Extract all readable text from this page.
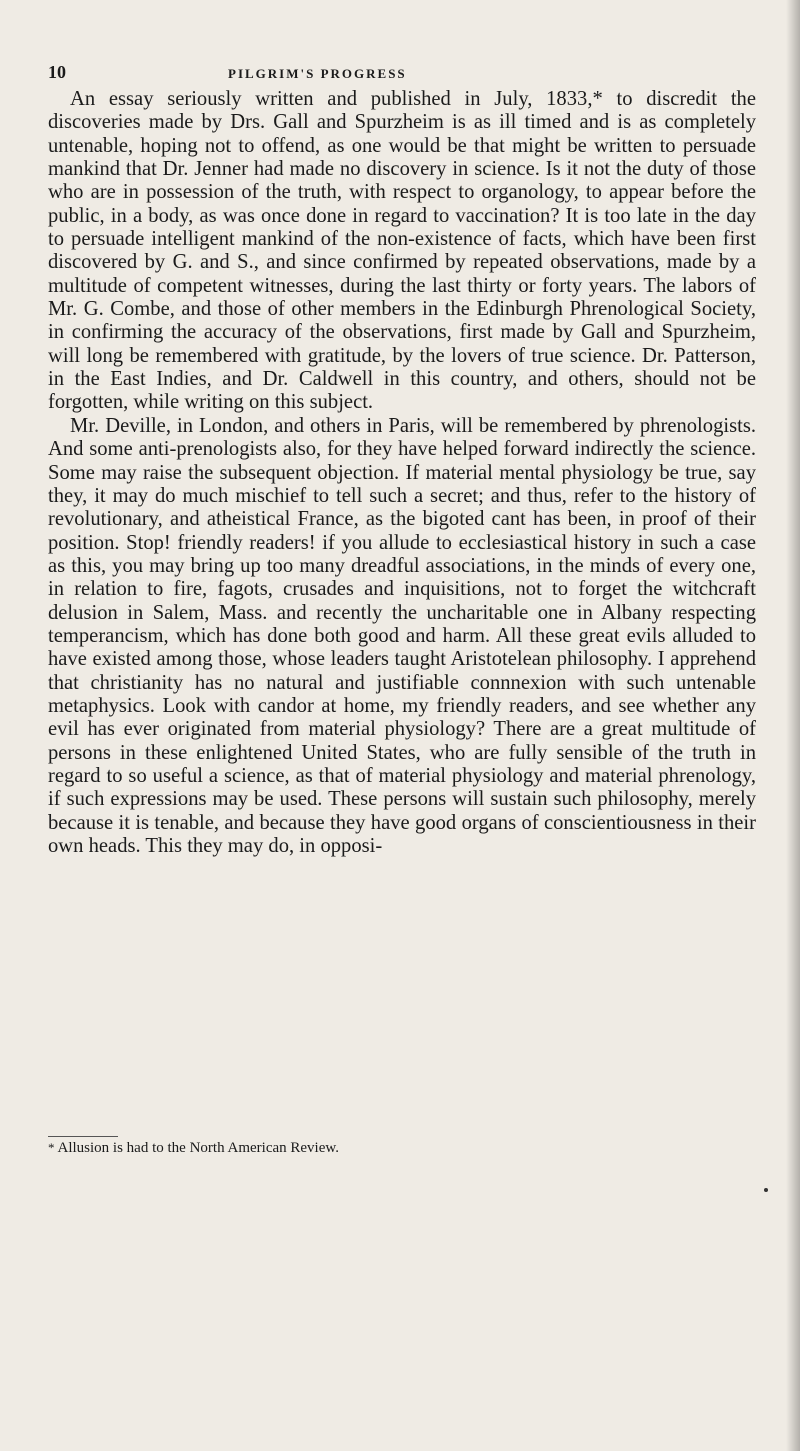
10	PILGRIM'S PROGRESS

An essay seriously written and published in July, 1833,* to discredit the discoveries made by Drs. Gall and Spurzheim is as ill timed and is as completely untenable, hoping not to offend, as one would be that might be written to persuade mankind that Dr. Jenner had made no discovery in science. Is it not the duty of those who are in possession of the truth, with respect to organology, to appear before the public, in a body, as was once done in regard to vaccination? It is too late in the day to persuade intelligent mankind of the non-existence of facts, which have been first discovered by G. and S., and since confirmed by repeated observations, made by a multitude of competent witnesses, during the last thirty or forty years. The labors of Mr. G. Combe, and those of other members in the Edinburgh Phrenological Society, in confirming the accuracy of the observations, first made by Gall and Spurzheim, will long be remembered with gratitude, by the lovers of true science. Dr. Patterson, in the East Indies, and Dr. Caldwell in this country, and others, should not be forgotten, while writing on this subject.

Mr. Deville, in London, and others in Paris, will be remembered by phrenologists. And some anti-prenologists also, for they have helped forward indirectly the science. Some may raise the subsequent objection. If material mental physiology be true, say they, it may do much mischief to tell such a secret; and thus, refer to the history of revolutionary, and atheistical France, as the bigoted cant has been, in proof of their position. Stop! friendly readers! if you allude to ecclesiastical history in such a case as this, you may bring up too many dreadful associations, in the minds of every one, in relation to fire, fagots, crusades and inquisitions, not to forget the witchcraft delusion in Salem, Mass. and recently the uncharitable one in Albany respecting temperancism, which has done both good and harm. All these great evils alluded to have existed among those, whose leaders taught Aristotelean philosophy. I apprehend that christianity has no natural and justifiable connnexion with such untenable metaphysics. Look with candor at home, my friendly readers, and see whether any evil has ever originated from material physiology? There are a great multitude of persons in these enlightened United States, who are fully sensible of the truth in regard to so useful a science, as that of material physiology and material phrenology, if such expressions may be used. These persons will sustain such philosophy, merely because it is tenable, and because they have good organs of conscientiousness in their own heads. This they may do, in opposi-

* Allusion is had to the North American Review.
